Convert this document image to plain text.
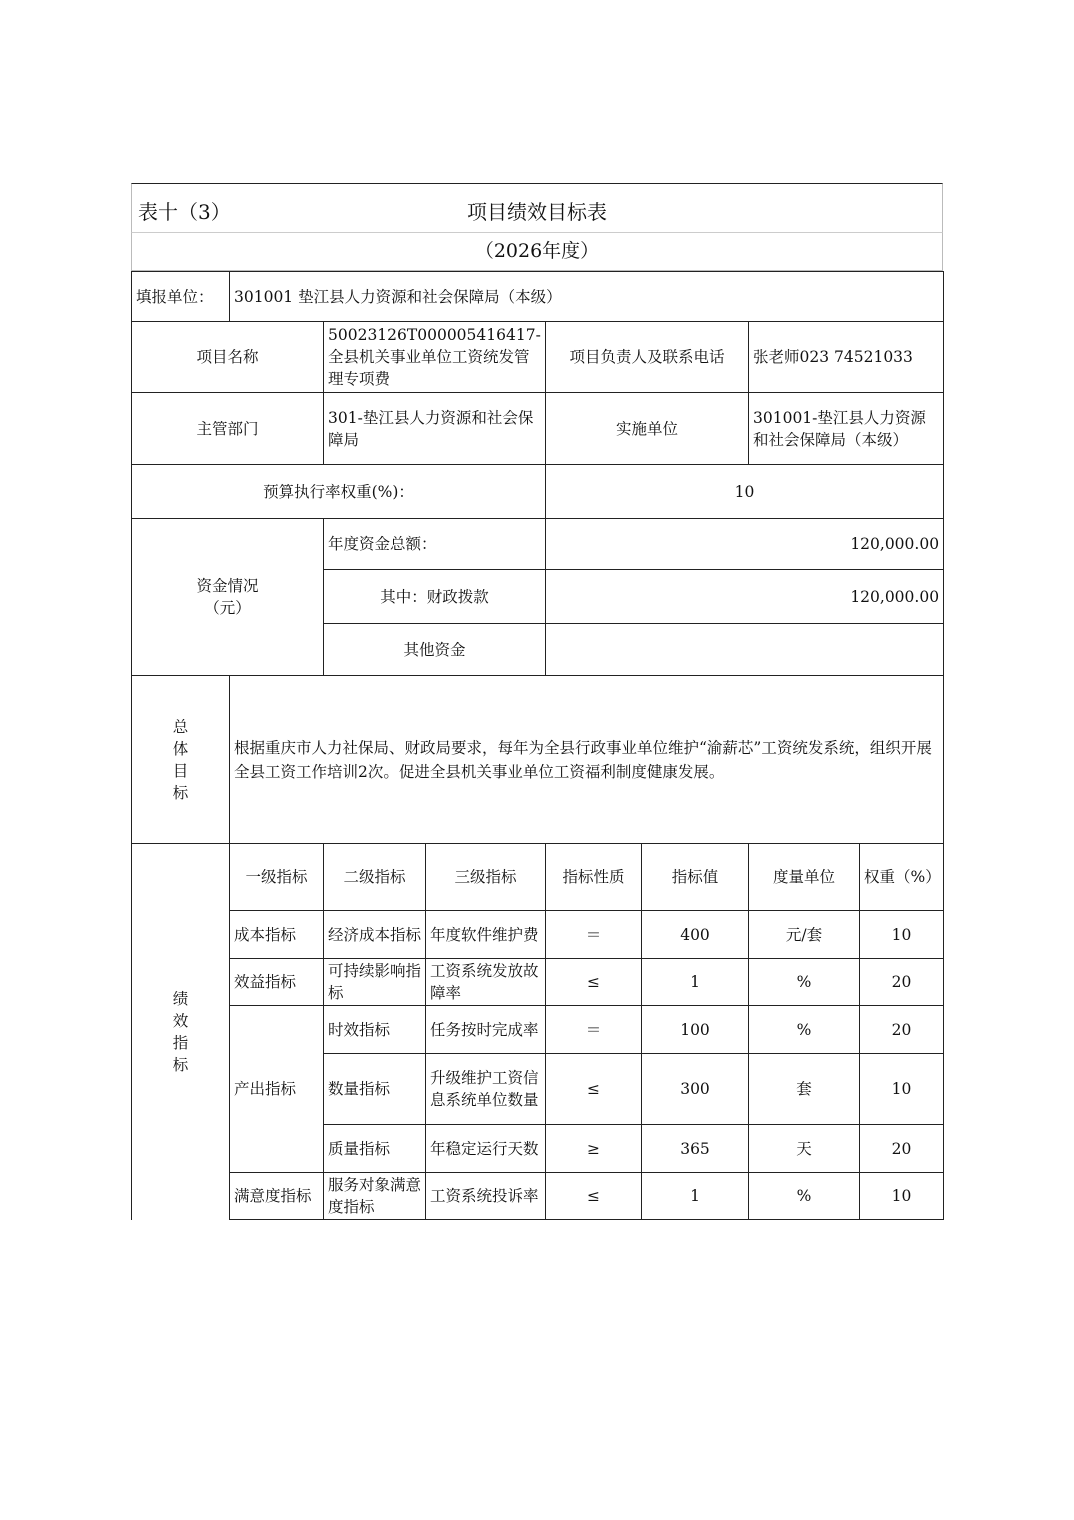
表十（3）	项目绩效目标表
（2026年度）
填报单位：	301001 垫江县人力资源和社会保障局（本级）						
项目名称		50023126T000005416417-全县机关事业单位工资统发管理专项费		项目负责人及联系电话		张老师023 74521033	
主管部门		301-垫江县人力资源和社会保障局		实施单位		301001-垫江县人力资源和社会保障局（本级）	
预算执行率权重(%)：				10			
资金情况（元）		年度资金总额：		120,000.00			
		其中：财政拨款		120,000.00			
		其他资金					
总体目标	根据重庆市人力社保局、财政局要求，每年为全县行政事业单位维护“渝薪芯”工资统发系统，组织开展全县工资工作培训2次。促进全县机关事业单位工资福利制度健康发展。						
绩效指标	一级指标	二级指标	三级指标	指标性质	指标值	度量单位	权重（%）
	成本指标	经济成本指标	年度软件维护费	＝	400	元/套	10
	效益指标	可持续影响指标	工资系统发放故障率	≤	1	%	20
	产出指标	时效指标	任务按时完成率	＝	100	%	20
		数量指标	升级维护工资信息系统单位数量	≤	300	套	10
		质量指标	年稳定运行天数	≥	365	天	20
	满意度指标	服务对象满意度指标	工资系统投诉率	≤	1	%	10
